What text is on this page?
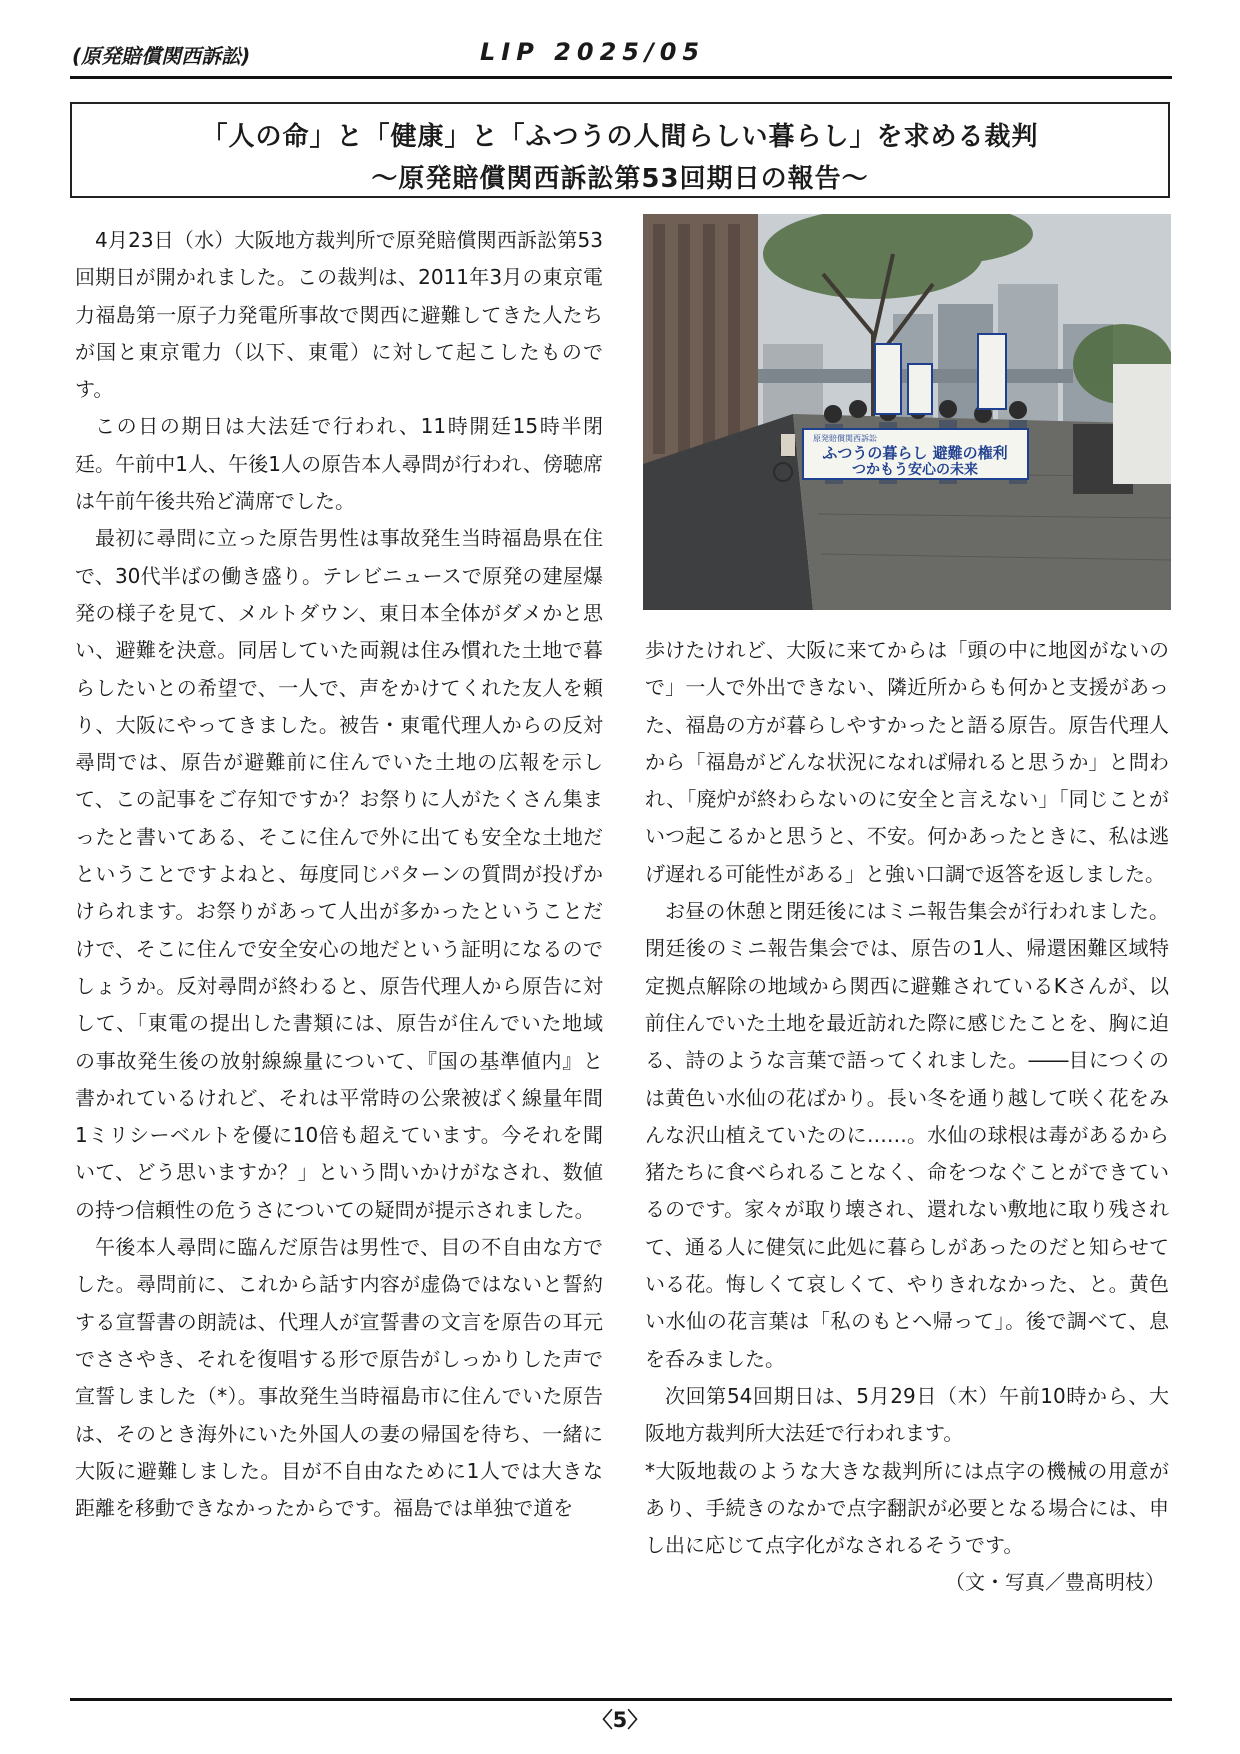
(原発賠償関西訴訟)	LIP 2025/05
「人の命」と「健康」と「ふつうの人間らしい暮らし」を求める裁判
〜原発賠償関西訴訟第53回期日の報告〜

4月23日（水）大阪地方裁判所で原発賠償関西訴訟第53回期日が開かれました。この裁判は、2011年3月の東京電力福島第一原子力発電所事故で関西に避難してきた人たちが国と東京電力（以下、東電）に対して起こしたものです。

この日の期日は大法廷で行われ、11時開廷15時半閉廷。午前中1人、午後1人の原告本人尋問が行われ、傍聴席は午前午後共殆ど満席でした。

最初に尋問に立った原告男性は事故発生当時福島県在住で、30代半ばの働き盛り。テレビニュースで原発の建屋爆発の様子を見て、メルトダウン、東日本全体がダメかと思い、避難を決意。同居していた両親は住み慣れた土地で暮らしたいとの希望で、一人で、声をかけてくれた友人を頼り、大阪にやってきました。被告・東電代理人からの反対尋問では、原告が避難前に住んでいた土地の広報を示して、この記事をご存知ですか？お祭りに人がたくさん集まったと書いてある、そこに住んで外に出ても安全な土地だということですよねと、毎度同じパターンの質問が投げかけられます。お祭りがあって人出が多かったということだけで、そこに住んで安全安心の地だという証明になるのでしょうか。反対尋問が終わると、原告代理人から原告に対して、「東電の提出した書類には、原告が住んでいた地域の事故発生後の放射線線量について、『国の基準値内』と書かれているけれど、それは平常時の公衆被ばく線量年間1ミリシーベルトを優に10倍も超えています。今それを聞いて、どう思いますか？」という問いかけがなされ、数値の持つ信頼性の危うさについての疑問が提示されました。

午後本人尋問に臨んだ原告は男性で、目の不自由な方でした。尋問前に、これから話す内容が虚偽ではないと誓約する宣誓書の朗読は、代理人が宣誓書の文言を原告の耳元でささやき、それを復唱する形で原告がしっかりした声で宣誓しました（*）。事故発生当時福島市に住んでいた原告は、そのとき海外にいた外国人の妻の帰国を待ち、一緒に大阪に避難しました。目が不自由なために1人では大きな距離を移動できなかったからです。福島では単独で道を

原発賠償関西訴訟
ふつうの暮らし 避難の権利
つかもう安心の未来

歩けたけれど、大阪に来てからは「頭の中に地図がないので」一人で外出できない、隣近所からも何かと支援があった、福島の方が暮らしやすかったと語る原告。原告代理人から「福島がどんな状況になれば帰れると思うか」と問われ、「廃炉が終わらないのに安全と言えない」「同じことがいつ起こるかと思うと、不安。何かあったときに、私は逃げ遅れる可能性がある」と強い口調で返答を返しました。

お昼の休憩と閉廷後にはミニ報告集会が行われました。閉廷後のミニ報告集会では、原告の1人、帰還困難区域特定拠点解除の地域から関西に避難されているKさんが、以前住んでいた土地を最近訪れた際に感じたことを、胸に迫る、詩のような言葉で語ってくれました。――目につくのは黄色い水仙の花ばかり。長い冬を通り越して咲く花をみんな沢山植えていたのに……。水仙の球根は毒があるから猪たちに食べられることなく、命をつなぐことができているのです。家々が取り壊され、還れない敷地に取り残されて、通る人に健気に此処に暮らしがあったのだと知らせている花。悔しくて哀しくて、やりきれなかった、と。黄色い水仙の花言葉は「私のもとへ帰って」。後で調べて、息を呑みました。

次回第54回期日は、5月29日（木）午前10時から、大阪地方裁判所大法廷で行われます。

*大阪地裁のような大きな裁判所には点字の機械の用意があり、手続きのなかで点字翻訳が必要となる場合には、申し出に応じて点字化がなされるそうです。

（文・写真／豊髙明枝）

〈5〉
